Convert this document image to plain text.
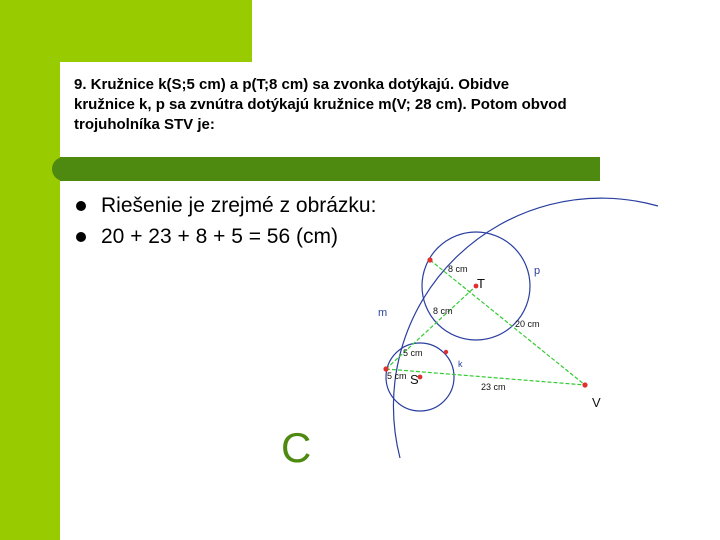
9. Kružnice k(S;5 cm) a p(T;8 cm) sa zvonka dotýkajú. Obidve
kružnice k, p sa zvnútra dotýkajú kružnice m(V; 28 cm). Potom obvod
trojuholníka STV je:
T
S
V
p
m
k
8 cm
8 cm
5 cm
5 cm
20 cm
23 cm
Riešenie je zrejmé z obrázku:
20 + 23 + 8 + 5 = 56 (cm)
C
